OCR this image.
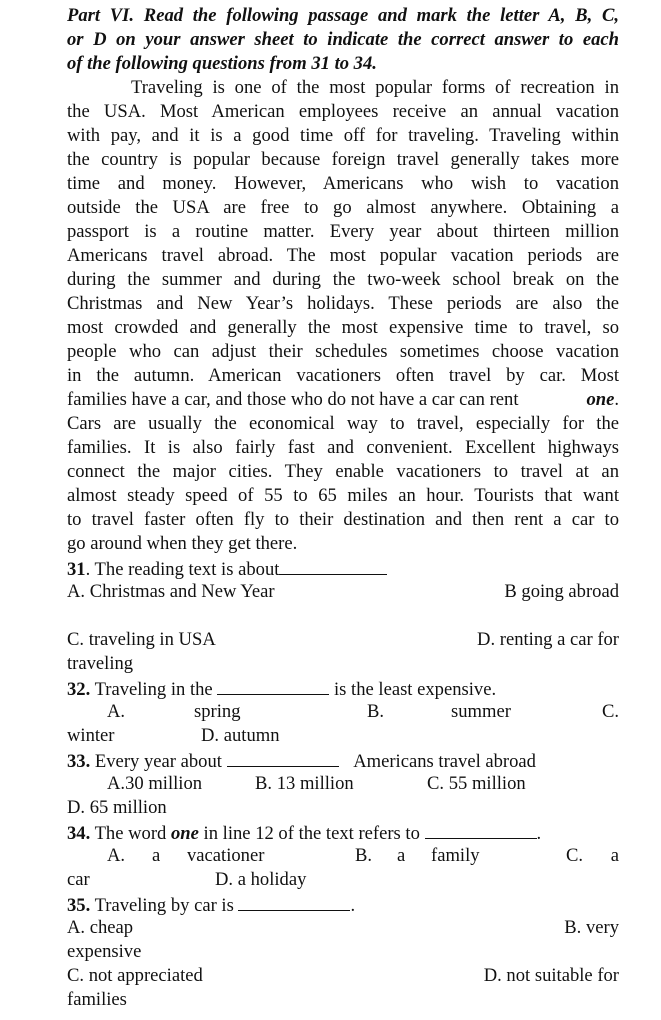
Part VI. Read the following passage and mark the letter A, B, C,
or D on your answer sheet to indicate the correct answer to each
of the following questions from 31 to 34.
Traveling is one of the most popular forms of recreation in
the USA. Most American employees receive an annual vacation
with pay, and it is a good time off for traveling. Traveling within
the country is popular because foreign travel generally takes more
time and money. However, Americans who wish to vacation
outside the USA are free to go almost anywhere. Obtaining a
passport is a routine matter. Every year about thirteen million
Americans travel abroad. The most popular vacation periods are
during the summer and during the two-week school break on the
Christmas and New Year’s holidays. These periods are also the
most crowded and generally the most expensive time to travel, so
people who can adjust their schedules sometimes choose vacation
in the autumn. American vacationers often travel by car. Most
families have a car, and those who do not have a car can rent	one.
Cars are usually the economical way to travel, especially for the
families. It is also fairly fast and convenient. Excellent highways
connect the major cities. They enable vacationers to travel at an
almost steady speed of 55 to 65 miles an hour. Tourists that want
to travel faster often fly to their destination and then rent a car to
go around when they get there.
31. The reading text is about
A. Christmas and New Year	B going abroad
C. traveling in USA	D. renting a car for
traveling
32. Traveling in the	is the least expensive.
A.	spring	B.	summer	C.
winter	D. autumn
33. Every year about	Americans travel abroad
A.30 million	B. 13 million	C. 55 million
D. 65 million
34. The word one in line 12 of the text refers to	.
A. a vacationer	B. a family	C. a
car	D. a holiday
35. Traveling by car is	.
A. cheap	B. very
expensive
C. not appreciated	D. not suitable for
families
